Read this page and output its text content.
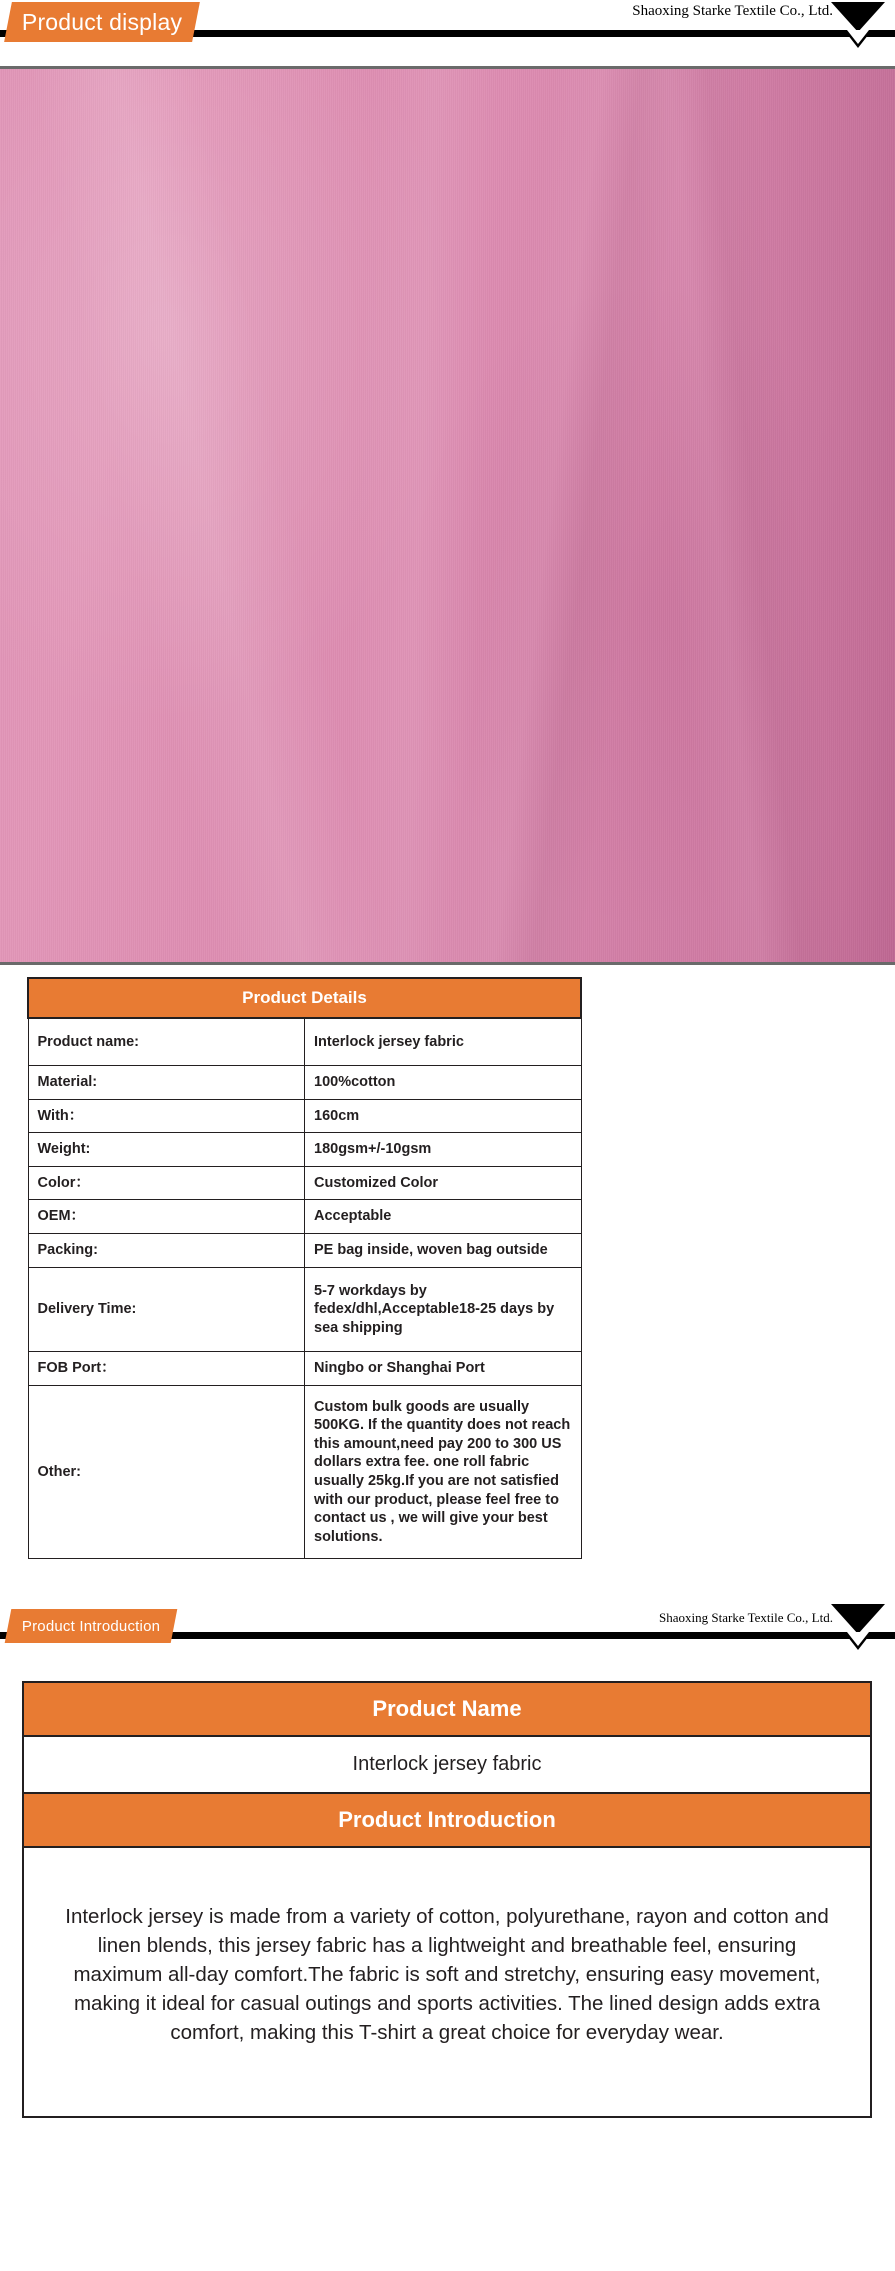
Product display	Shaoxing Starke Textile Co., Ltd.
Product Details	
Product name:	Interlock jersey fabric
Material:	100%cotton
With：	160cm
Weight:	180gsm+/-10gsm
Color：	Customized Color
OEM：	Acceptable
Packing:	PE bag inside, woven bag outside
Delivery Time:	5-7 workdays by fedex/dhl,Acceptable18-25 days by sea shipping
FOB Port：	Ningbo or Shanghai Port
Other:	Custom bulk goods are usually 500KG. If the quantity does not reach this amount,need pay 200 to 300 US dollars extra fee. one roll fabric usually 25kg.If you are not satisfied with our product, please feel free to contact us , we will give your best solutions.
Product Introduction	Shaoxing Starke Textile Co., Ltd.
Product Name
Interlock jersey fabric
Product Introduction
Interlock jersey is made from a variety of cotton, polyurethane, rayon and cotton and linen blends, this jersey fabric has a lightweight and breathable feel, ensuring maximum all-day comfort.The fabric is soft and stretchy, ensuring easy movement, making it ideal for casual outings and sports activities. The lined design adds extra comfort, making this T-shirt a great choice for everyday wear.
